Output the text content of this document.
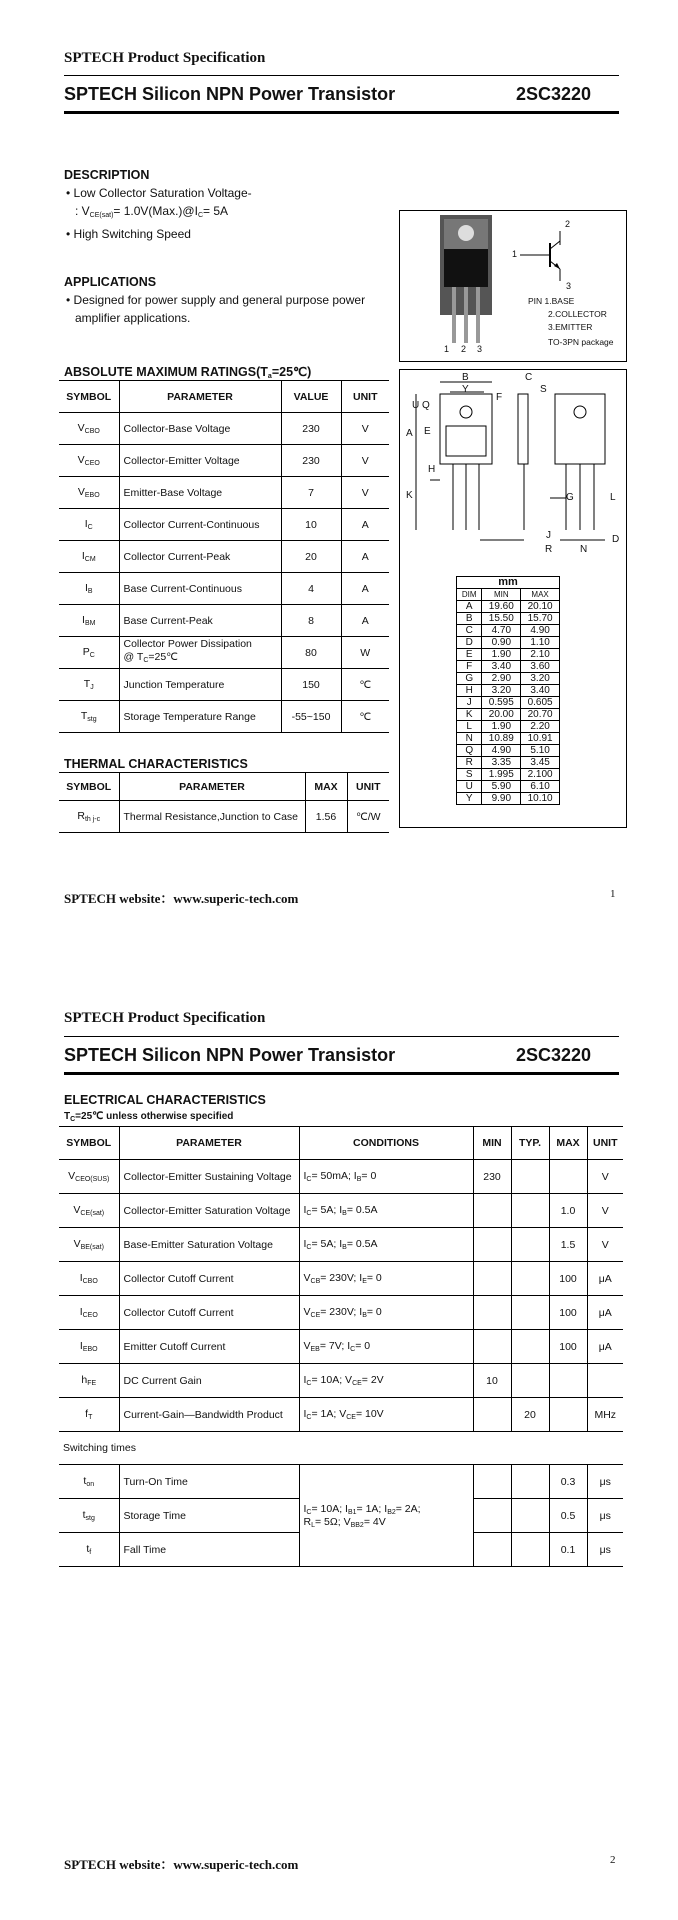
SPTECH Product Specification
SPTECH Silicon NPN Power Transistor	2SC3220
DESCRIPTION
• Low Collector Saturation Voltage-
: $V_{CE(sat)}=$ $1.0V(Max.)@I_C= 5A$
• High Switching Speed
APPLICATIONS
• Designed for power supply and general purpose power
amplifier applications.
1 2 3
2
1
3
PIN 1.BASE
2.COLLECTOR
3.EMITTER
TO-3PN package
B
Y
C
S
U Q
A E
F
H
K	G	L
J
R	N
D
mm		
DIM	MIN	MAX
A	19.60	20.10
B	15.50	15.70
C	4.70	4.90
D	0.90	1.10
E	1.90	2.10
F	3.40	3.60
G	2.90	3.20
H	3.20	3.40
J	0.595	0.605
K	20.00	20.70
L	1.90	2.20
N	10.89	10.91
Q	4.90	5.10
R	3.35	3.45
S	1.995	2.100
U	5.90	6.10
Y	9.90	10.10
ABSOLUTE MAXIMUM $RATINGS(T_a=25℃)$
SYMBOL	PARAMETER	VALUE	UNIT
$V_{CBO}$	Collector-Base Voltage	230	V
$V_{CEO}$	Collector-Emitter Voltage	230	V
$V_{EBO}$	Emitter-Base Voltage	7	V
$I_C$	Collector Current-Continuous	10	A
$I_{CM}$	Collector Current-Peak	20	A
$I_B$	Base Current-Continuous	4	A
$I_{BM}$	Base Current-Peak	8	A
$P_C$	Collector Power Dissipation
@ $T_C=25℃$	80	W
$T_J$	Junction Temperature	150	℃
$T_{stg}$	Storage Temperature Range	-55~150	℃
THERMAL CHARACTERISTICS
SYMBOL	PARAMETER	MAX	UNIT
$R_{th j-c}$	Thermal Resistance,Junction to Case	1.56	℃/W
SPTECH website：www.superic-tech.com	1
SPTECH Product Specification
SPTECH Silicon NPN Power Transistor	2SC3220
ELECTRICAL CHARACTERISTICS
$T_C=25℃$ unless otherwise specified
SYMBOL	PARAMETER	CONDITIONS	MIN	TYP.	MAX	UNIT
$V_{CEO(SUS)}$	Collector-Emitter Sustaining Voltage	$I_C= 50mA$; $I_B= 0$	230			V
$V_{CE(sat)}$	Collector-Emitter Saturation Voltage	$I_C= 5A$; $I_B= 0.5A$			1.0	V
$V_{BE(sat)}$	Base-Emitter Saturation Voltage	$I_C= 5A$; $I_B= 0.5A$			1.5	V
$I_{CBO}$	Collector Cutoff Current	$V_{CB}= 230V$; $I_E= 0$			100	μA
$I_{CEO}$	Collector Cutoff Current	$V_{CE}= 230V$; $I_B= 0$			100	μA
$I_{EBO}$	Emitter Cutoff Current	$V_{EB}= 7V$; $I_C= 0$			100	μA
$h_{FE}$	DC Current Gain	$I_C= 10A$; $V_{CE}= 2V$	10			
$f_T$	Current-Gain—Bandwidth Product	$I_C= 1A$; $V_{CE}= 10V$		20		MHz
Switching times						
$t_{on}$	Turn-On Time	$I_C= 10A$; $I_{B1}= 1A$; $I_{B2}= 2A$;
$R_L= 5\Omega$; $V_{BB2}= 4V$			0.3	μs
$t_{stg}$	Storage Time				0.5	μs
$t_f$	Fall Time				0.1	μs
SPTECH website：www.superic-tech.com	2
